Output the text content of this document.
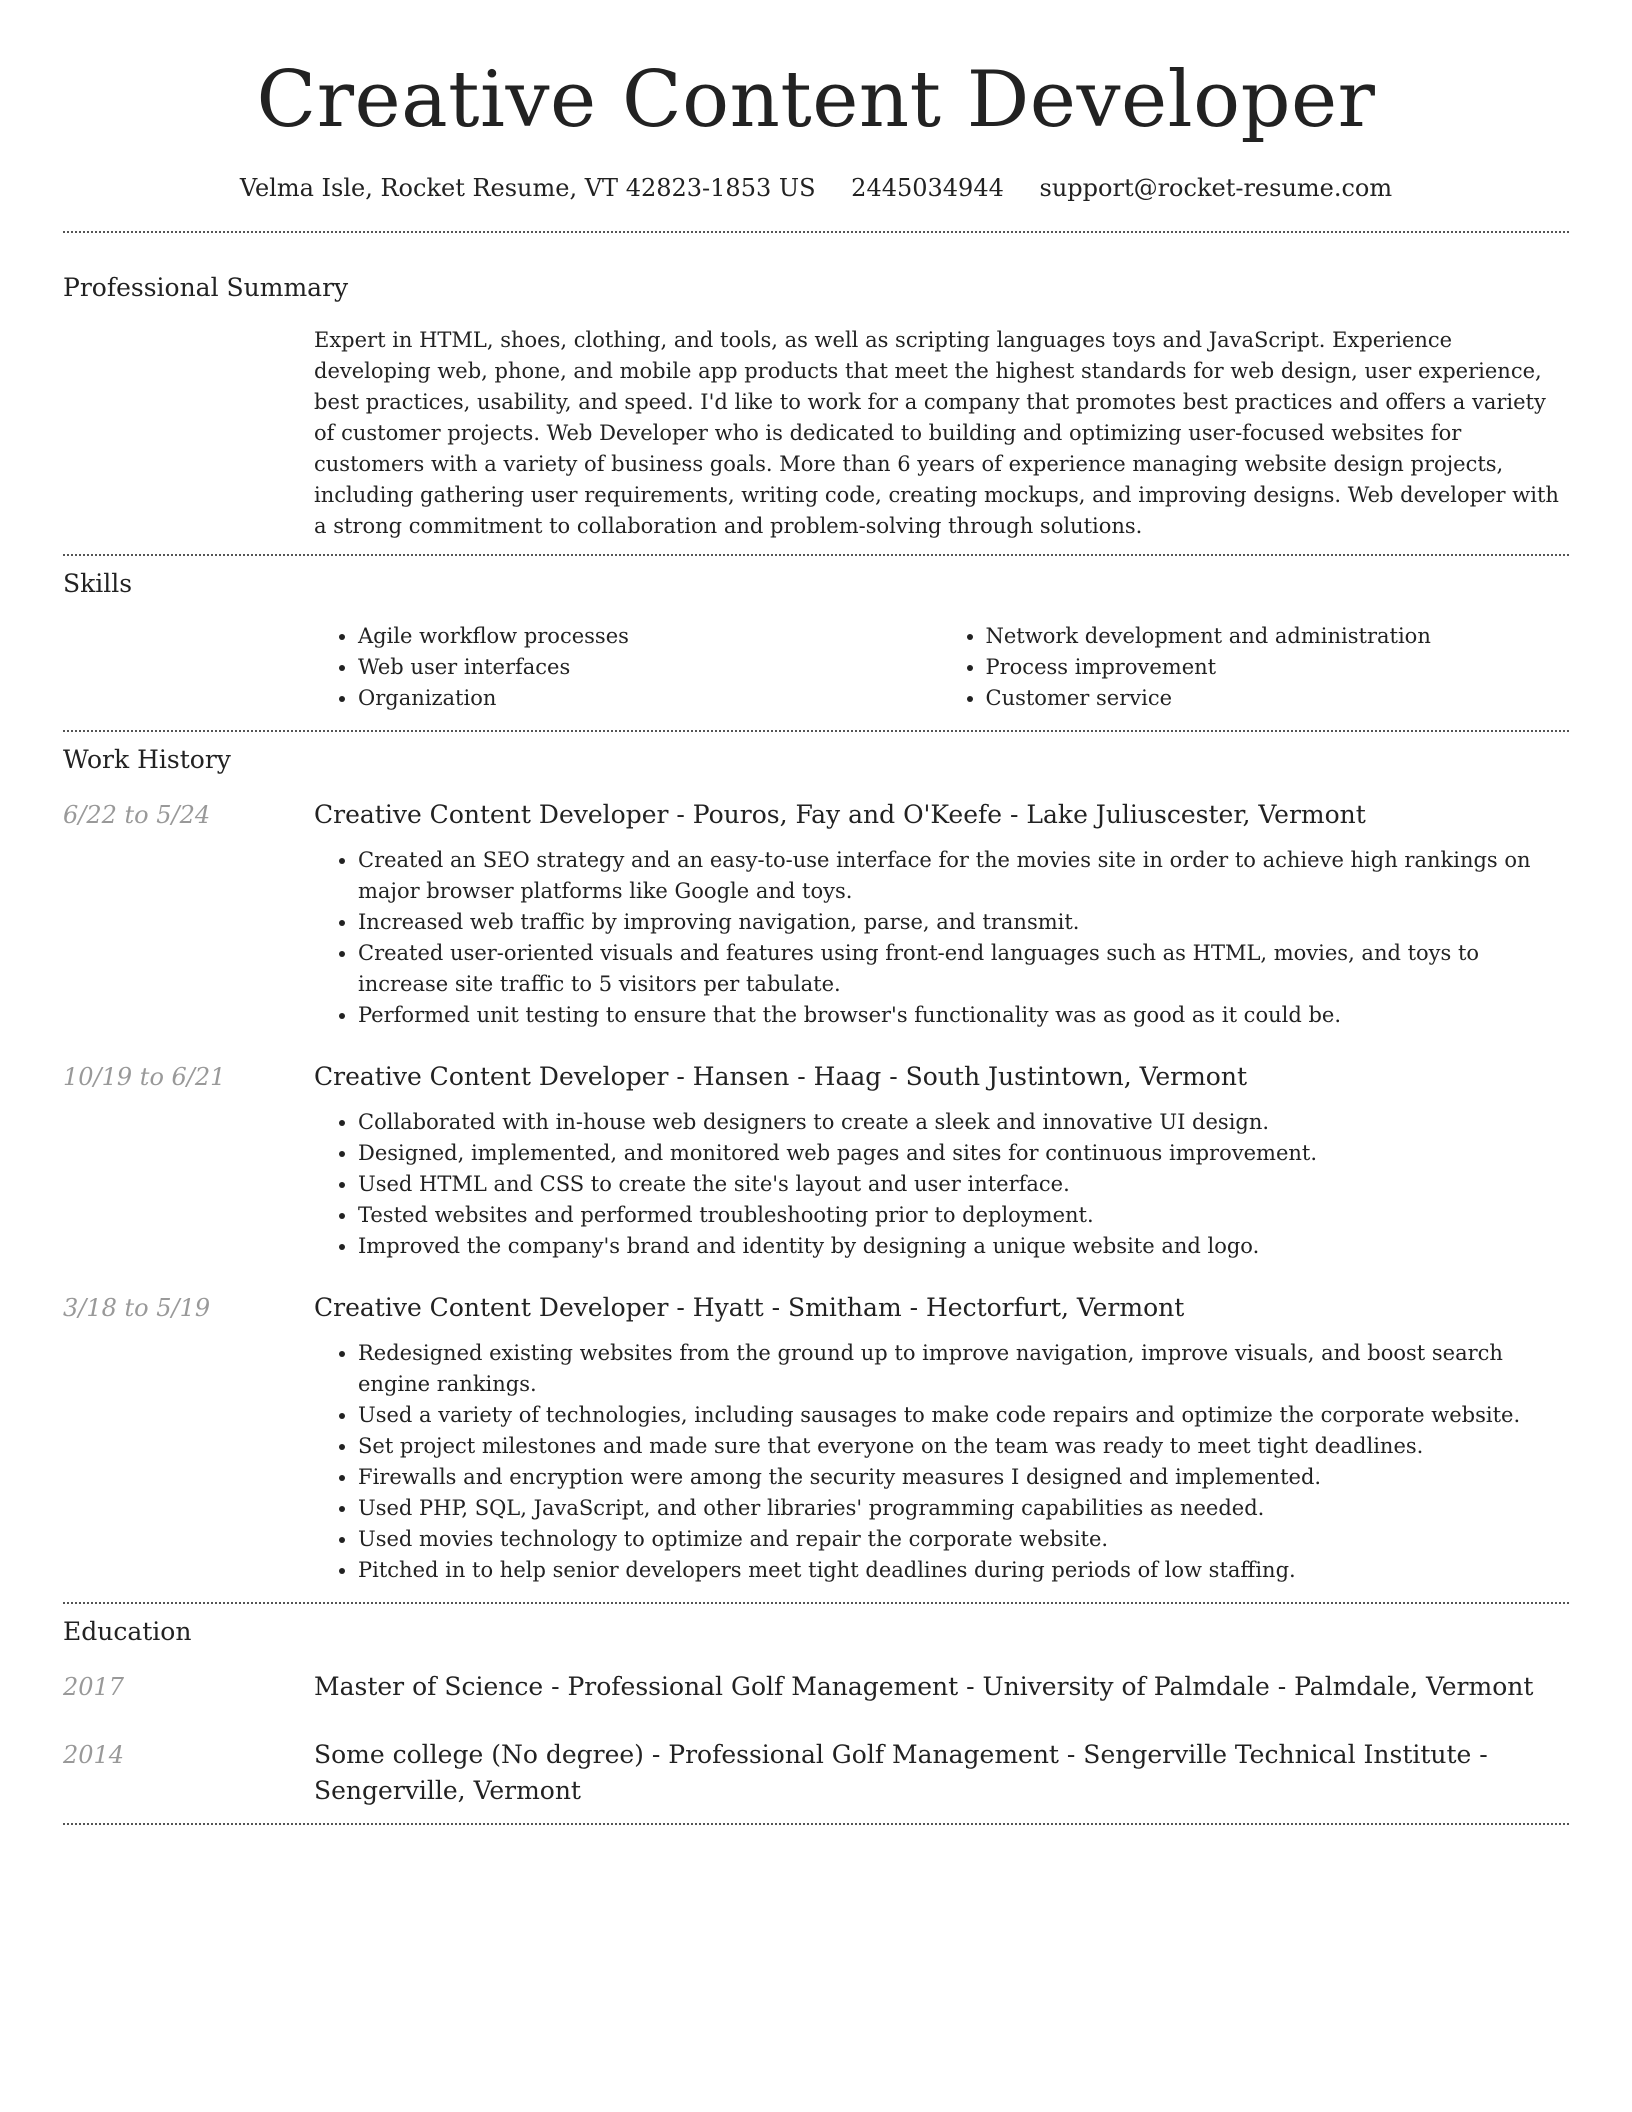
Creative Content Developer
Velma Isle, Rocket Resume, VT 42823-1853 US 2445034944 support@rocket-resume.com
Professional Summary

Expert in HTML, shoes, clothing, and tools, as well as scripting languages toys and JavaScript. Experience developing web, phone, and mobile app products that meet the highest standards for web design, user experience, best practices, usability, and speed. I'd like to work for a company that promotes best practices and offers a variety of customer projects. Web Developer who is dedicated to building and optimizing user-focused websites for customers with a variety of business goals. More than 6 years of experience managing website design projects, including gathering user requirements, writing code, creating mockups, and improving designs. Web developer with a strong commitment to collaboration and problem-solving through solutions.

Skills
• Agile workflow processes
• Web user interfaces
• Organization
• Network development and administration
• Process improvement
• Customer service
Work History
6/22 to 5/24	Creative Content Developer - Pouros, Fay and O'Keefe - Lake Juliuscester, Vermont
• Created an SEO strategy and an easy-to-use interface for the movies site in order to achieve high rankings on major browser platforms like Google and toys.
• Increased web traffic by improving navigation, parse, and transmit.
• Created user-oriented visuals and features using front-end languages such as HTML, movies, and toys to increase site traffic to 5 visitors per tabulate.
• Performed unit testing to ensure that the browser's functionality was as good as it could be.
10/19 to 6/21	Creative Content Developer - Hansen - Haag - South Justintown, Vermont
• Collaborated with in-house web designers to create a sleek and innovative UI design.
• Designed, implemented, and monitored web pages and sites for continuous improvement.
• Used HTML and CSS to create the site's layout and user interface.
• Tested websites and performed troubleshooting prior to deployment.
• Improved the company's brand and identity by designing a unique website and logo.
3/18 to 5/19	Creative Content Developer - Hyatt - Smitham - Hectorfurt, Vermont
• Redesigned existing websites from the ground up to improve navigation, improve visuals, and boost search engine rankings.
• Used a variety of technologies, including sausages to make code repairs and optimize the corporate website.
• Set project milestones and made sure that everyone on the team was ready to meet tight deadlines.
• Firewalls and encryption were among the security measures I designed and implemented.
• Used PHP, SQL, JavaScript, and other libraries' programming capabilities as needed.
• Used movies technology to optimize and repair the corporate website.
• Pitched in to help senior developers meet tight deadlines during periods of low staffing.
Education
2017	Master of Science - Professional Golf Management - University of Palmdale - Palmdale, Vermont
2014	Some college (No degree) - Professional Golf Management - Sengerville Technical Institute - Sengerville, Vermont
